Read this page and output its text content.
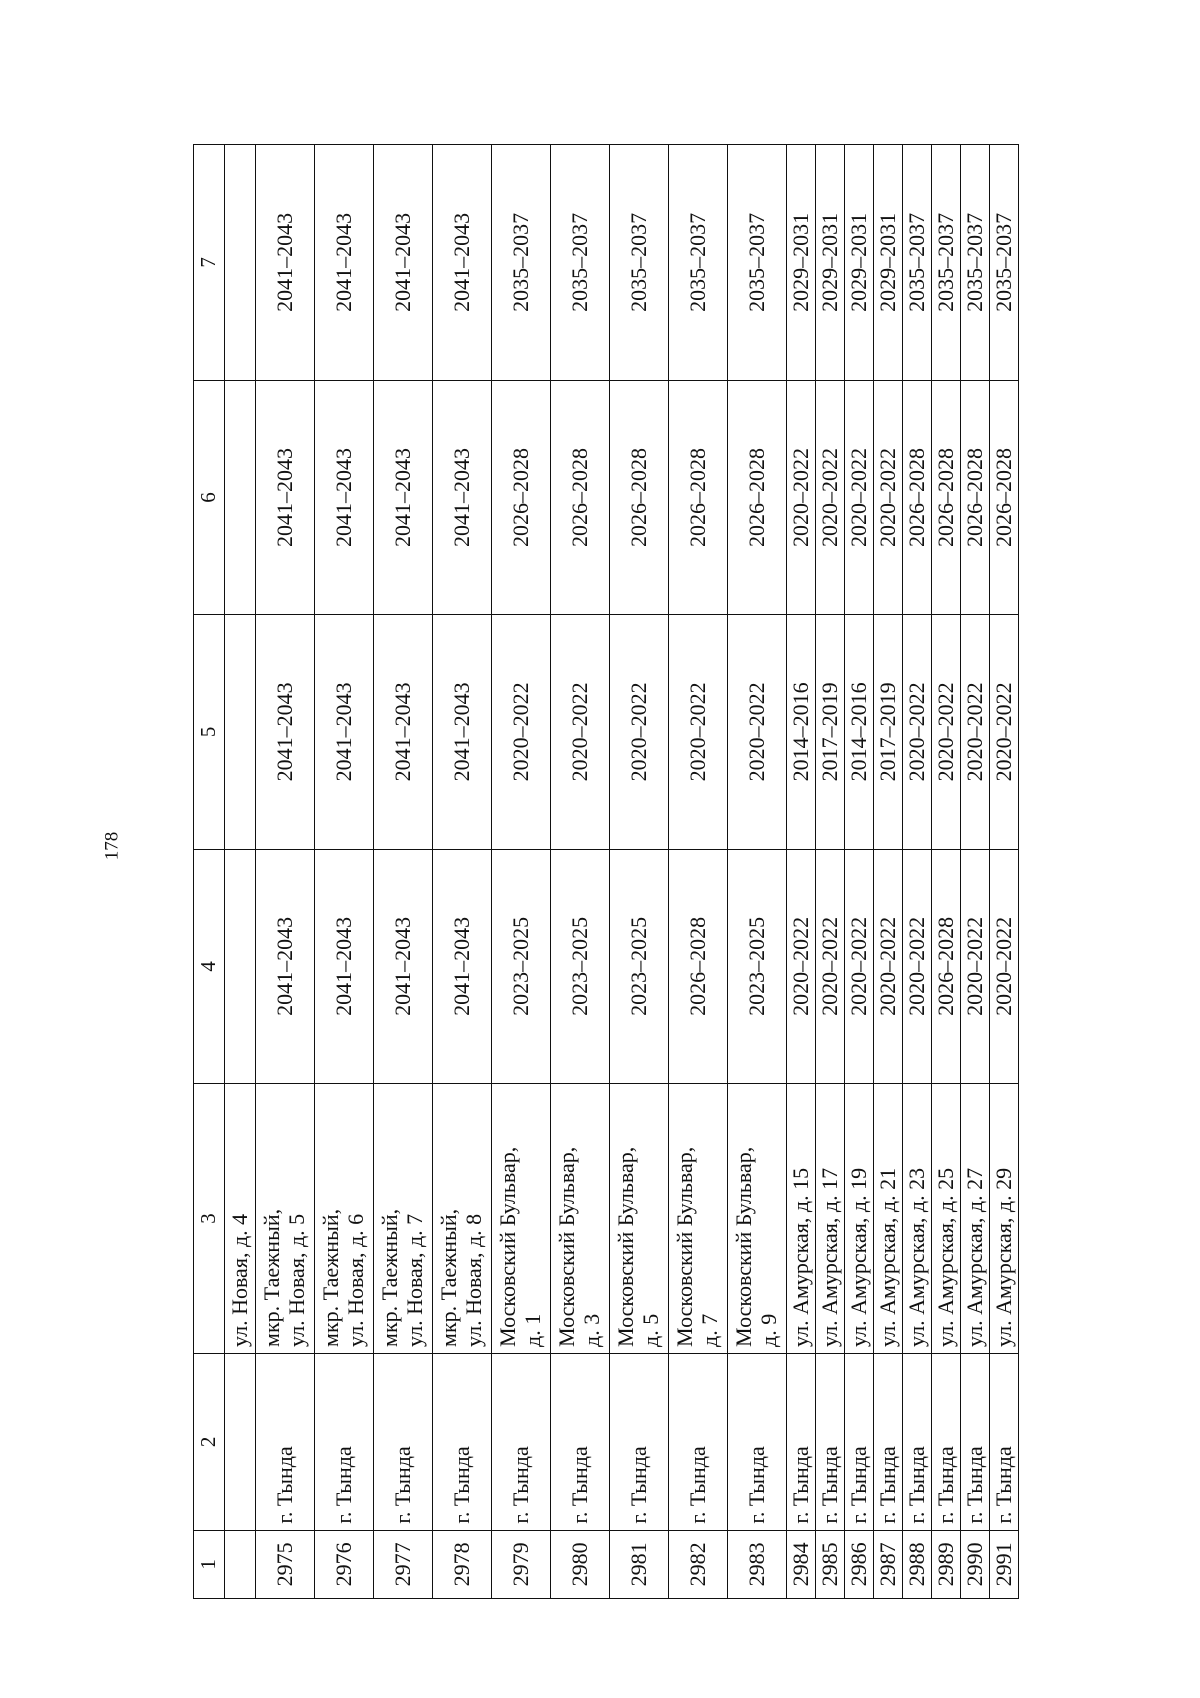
178
1	2	3	4	5	6	7
		ул. Новая, д. 4				
2975	г. Тында	мкр. Таежный, ул. Новая, д. 5	2041–2043	2041–2043	2041–2043	2041–2043
2976	г. Тында	мкр. Таежный, ул. Новая, д. 6	2041–2043	2041–2043	2041–2043	2041–2043
2977	г. Тында	мкр. Таежный, ул. Новая, д. 7	2041–2043	2041–2043	2041–2043	2041–2043
2978	г. Тында	мкр. Таежный, ул. Новая, д. 8	2041–2043	2041–2043	2041–2043	2041–2043
2979	г. Тында	Московский Бульвар, д. 1	2023–2025	2020–2022	2026–2028	2035–2037
2980	г. Тында	Московский Бульвар, д. 3	2023–2025	2020–2022	2026–2028	2035–2037
2981	г. Тында	Московский Бульвар, д. 5	2023–2025	2020–2022	2026–2028	2035–2037
2982	г. Тында	Московский Бульвар, д. 7	2026–2028	2020–2022	2026–2028	2035–2037
2983	г. Тында	Московский Бульвар, д. 9	2023–2025	2020–2022	2026–2028	2035–2037
2984	г. Тында	ул. Амурская, д. 15	2020–2022	2014–2016	2020–2022	2029–2031
2985	г. Тында	ул. Амурская, д. 17	2020–2022	2017–2019	2020–2022	2029–2031
2986	г. Тында	ул. Амурская, д. 19	2020–2022	2014–2016	2020–2022	2029–2031
2987	г. Тында	ул. Амурская, д. 21	2020–2022	2017–2019	2020–2022	2029–2031
2988	г. Тында	ул. Амурская, д. 23	2020–2022	2020–2022	2026–2028	2035–2037
2989	г. Тында	ул. Амурская, д. 25	2026–2028	2020–2022	2026–2028	2035–2037
2990	г. Тында	ул. Амурская, д. 27	2020–2022	2020–2022	2026–2028	2035–2037
2991	г. Тында	ул. Амурская, д. 29	2020–2022	2020–2022	2026–2028	2035–2037
